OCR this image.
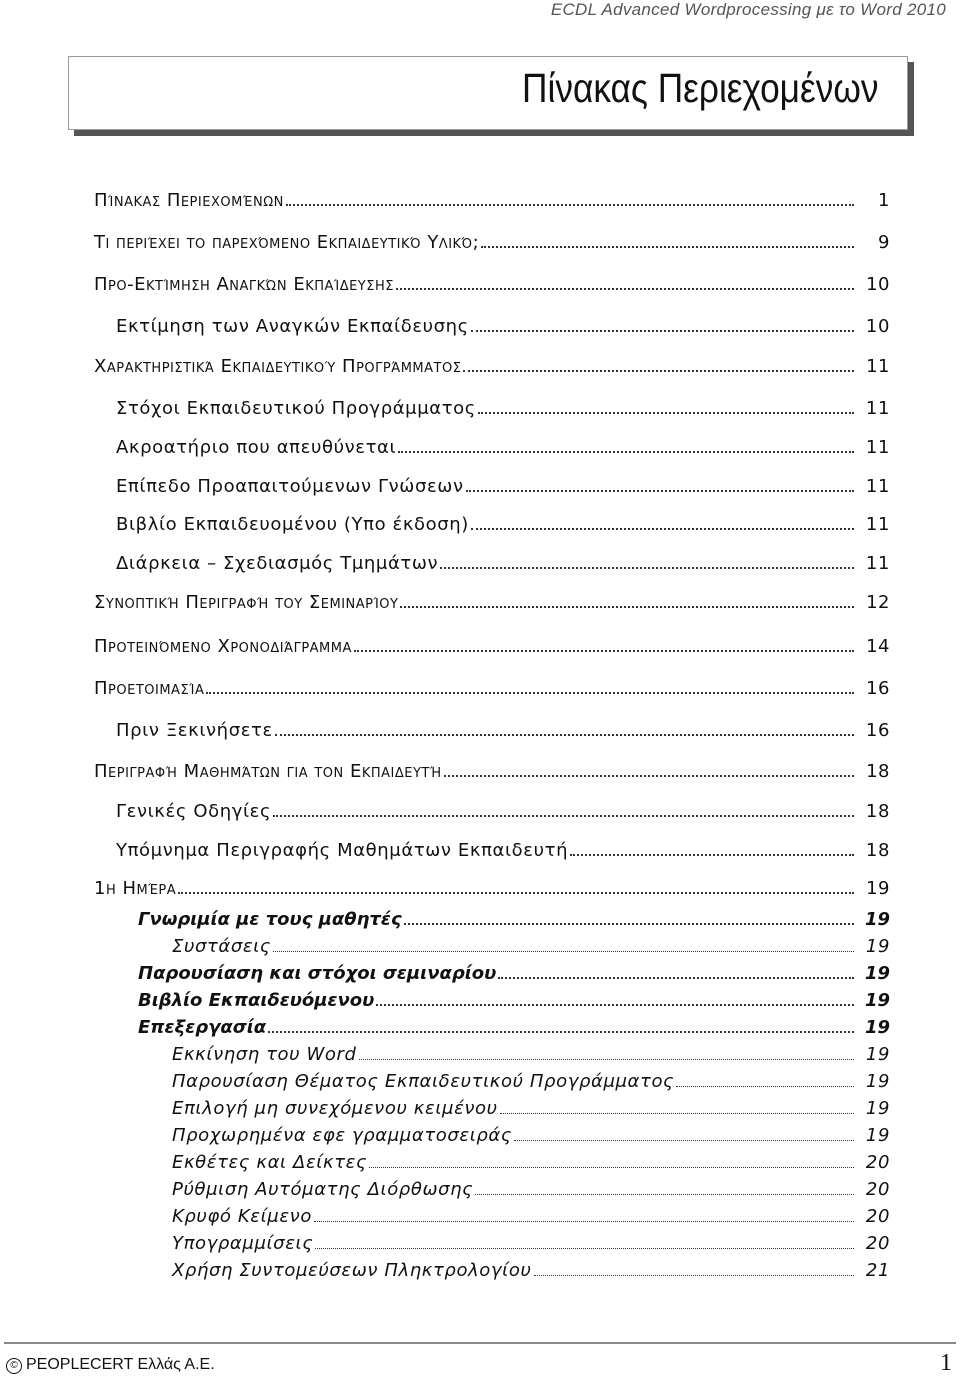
ECDL Advanced Wordprocessing με το Word 2010
Πίνακας Περιεχομένων
Πίνακας Περιεχομένων	1
Τι περιέχει το παρεχόμενο Εκπαιδευτικό Υλικό;	9
Προ-Εκτίμηση Αναγκών Εκπαίδευσης	10
Εκτίμηση των Αναγκών Εκπαίδευσης	10
Χαρακτηριστικά Εκπαιδευτικού Προγράμματος	11
Στόχοι Εκπαιδευτικού Προγράμματος	11
Ακροατήριο που απευθύνεται	11
Επίπεδο Προαπαιτούμενων Γνώσεων	11
Βιβλίο Εκπαιδευομένου (Υπο έκδοση)	11
Διάρκεια – Σχεδιασμός Τμημάτων	11
Συνοπτική Περιγραφή του Σεμιναρίου	12
Προτεινόμενο Χρονοδιάγραμμα	14
Προετοιμασία	16
Πριν Ξεκινήσετε	16
Περιγραφή Μαθημάτων για τον Εκπαιδευτή	18
Γενικές Οδηγίες	18
Υπόμνημα Περιγραφής Μαθημάτων Εκπαιδευτή	18
1η Ημέρα	19
Γνωριμία με τους μαθητές	19
Συστάσεις	19
Παρουσίαση και στόχοι σεμιναρίου	19
Βιβλίο Εκπαιδευόμενου	19
Επεξεργασία	19
Εκκίνηση του Word	19
Παρουσίαση Θέματος Εκπαιδευτικού Προγράμματος	19
Επιλογή μη συνεχόμενου κειμένου	19
Προχωρημένα εφε γραμματοσειράς	19
Εκθέτες και Δείκτες	20
Ρύθμιση Αυτόματης Διόρθωσης	20
Κρυφό Κείμενο	20
Υπογραμμίσεις	20
Χρήση Συντομεύσεων Πληκτρολογίου	21
© PEOPLECERT Ελλάς Α.Ε.	1
